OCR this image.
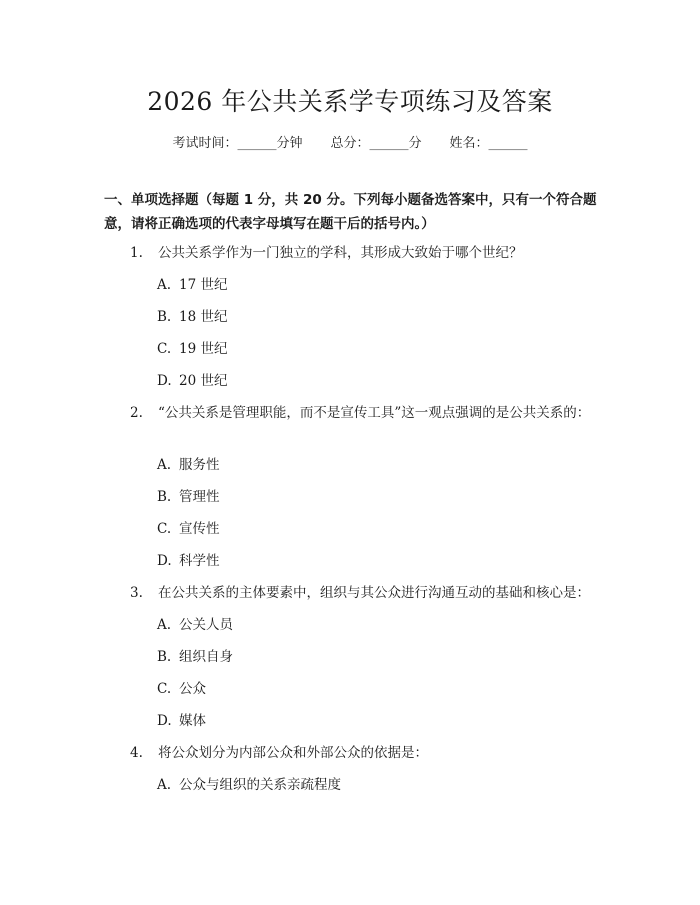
2026 年公共关系学专项练习及答案
考试时间：______分钟 总分：______分 姓名：______
一、单项选择题（每题 1 分，共 20 分。下列每小题备选答案中，只有一个符合题意，请将正确选项的代表字母填写在题干后的括号内。）
1. 公共关系学作为一门独立的学科，其形成大致始于哪个世纪？
A. 17 世纪
B. 18 世纪
C. 19 世纪
D. 20 世纪
2. “公共关系是管理职能，而不是宣传工具”这一观点强调的是公共关系的：
A. 服务性
B. 管理性
C. 宣传性
D. 科学性
3. 在公共关系的主体要素中，组织与其公众进行沟通互动的基础和核心是：
A. 公关人员
B. 组织自身
C. 公众
D. 媒体
4. 将公众划分为内部公众和外部公众的依据是：
A. 公众与组织的关系亲疏程度
